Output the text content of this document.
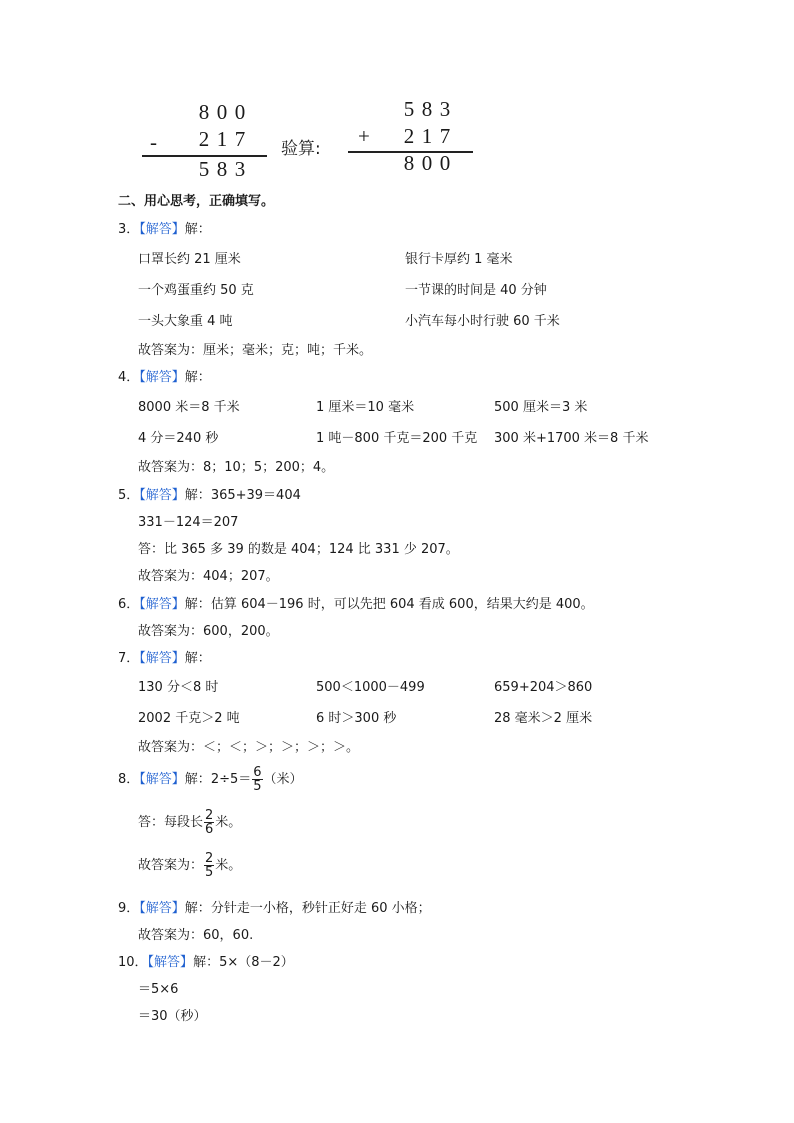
8 0 0
- 2 1 7
5 8 3
验算:
5 8 3
+ 2 1 7
8 0 0
二、用心思考，正确填写。
3．【解答】解：
口罩长约 21 厘米	银行卡厚约 1 毫米
一个鸡蛋重约 50 克	一节课的时间是 40 分钟
一头大象重 4 吨	小汽车每小时行驶 60 千米
故答案为：厘米；毫米；克；吨；千米。
4．【解答】解：
8000 米＝8 千米	1 厘米＝10 毫米	500 厘米＝3 米
4 分＝240 秒	1 吨－800 千克＝200 千克 300 米+1700 米＝8 千米
故答案为：8；10；5；200；4。
5．【解答】解：365+39＝404
331－124＝207
答：比 365 多 39 的数是 404；124 比 331 少 207。
故答案为：404；207。
6．【解答】解：估算 604－196 时，可以先把 604 看成 600，结果大约是 400。
故答案为：600，200。
7．【解答】解：
130 分＜8 时	500＜1000－499	659+204＞860
2002 千克＞2 吨	6 时＞300 秒	28 毫米＞2 厘米
故答案为：＜；＜；＞；＞；＞；＞。
8．【解答】解：$2\div 5= \frac{6}{5}$ （米）
答：每段长 $\frac{2}{6}$ 米。
故答案为： $\frac{2}{5}$ 米。
9．【解答】解：分针走一小格，秒针正好走 60 小格；
故答案为：60，60.
10．【解答】解：5×（8－2）
＝5×6
＝30（秒）
